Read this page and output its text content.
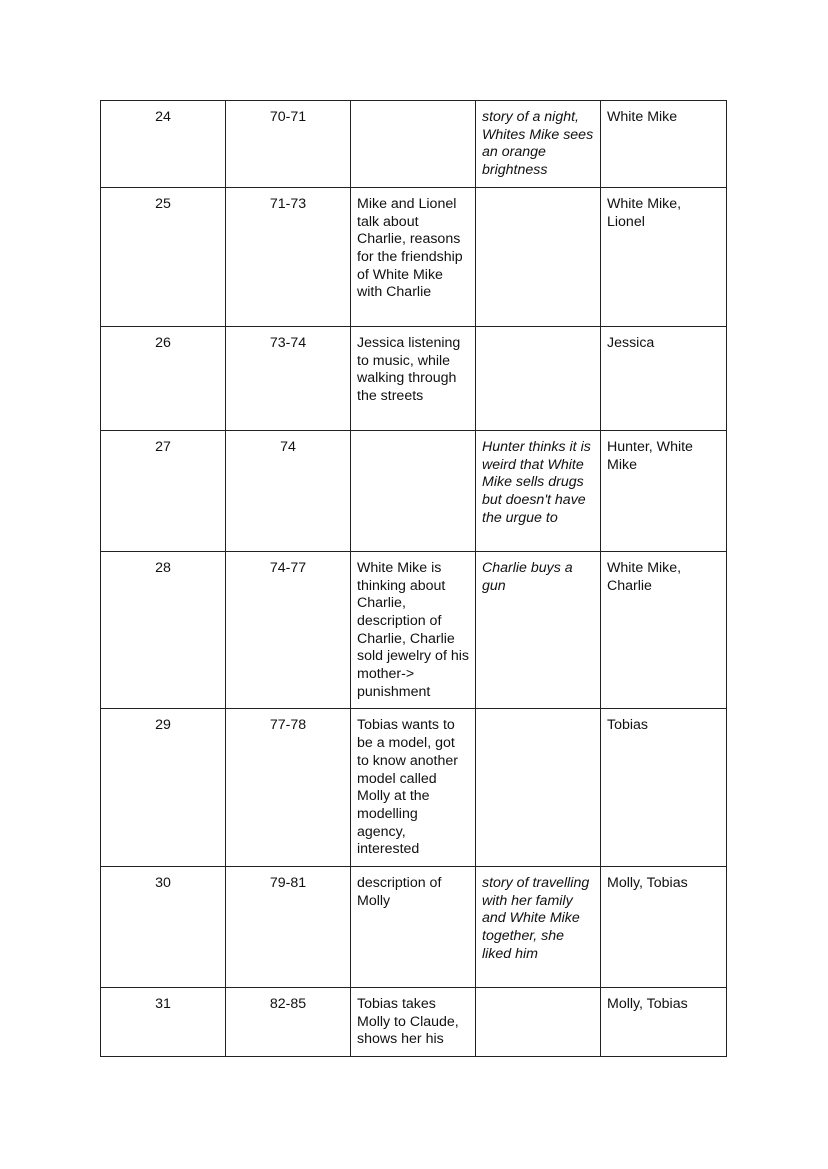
24	70-71		story of a night, Whites Mike sees an orange brightness	White Mike
25	71-73	Mike and Lionel talk about Charlie, reasons for the friendship of White Mike with Charlie		White Mike, Lionel
26	73-74	Jessica listening to music, while walking through the streets		Jessica
27	74		Hunter thinks it is weird that White Mike sells drugs but doesn't have the urgue to	Hunter, White Mike
28	74-77	White Mike is thinking about Charlie, description of Charlie, Charlie sold jewelry of his mother-> punishment	Charlie buys a gun	White Mike, Charlie
29	77-78	Tobias wants to be a model, got to know another model called Molly at the modelling agency, interested		Tobias
30	79-81	description of Molly	story of travelling with her family and White Mike together, she liked him	Molly, Tobias
31	82-85	Tobias takes Molly to Claude, shows her his		Molly, Tobias
